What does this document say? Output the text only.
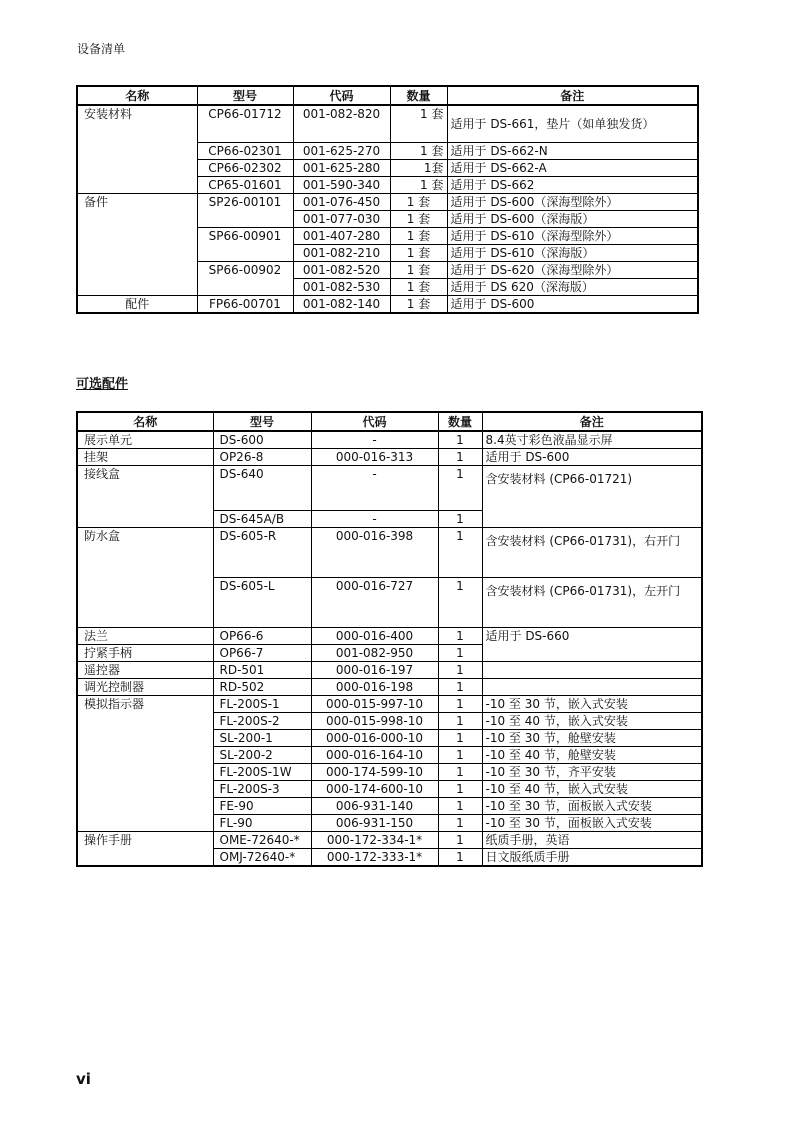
设备清单
名称	型号	代码	数量	备注
安装材料	CP66-01712	001-082-820	1 套	适用于 DS-661，垫片（如单独发货）
	CP66-02301	001-625-270	1 套	适用于 DS-662-N
	CP66-02302	001-625-280	1套	适用于 DS-662-A
	CP65-01601	001-590-340	1 套	适用于 DS-662
备件	SP26-00101	001-076-450	1 套	适用于 DS-600（深海型除外）
		001-077-030	1 套	适用于 DS-600（深海版）
	SP66-00901	001-407-280	1 套	适用于 DS-610（深海型除外）
		001-082-210	1 套	适用于 DS-610（深海版）
	SP66-00902	001-082-520	1 套	适用于 DS-620（深海型除外）
		001-082-530	1 套	适用于 DS 620（深海版）
配件	FP66-00701	001-082-140	1 套	适用于 DS-600
可选配件
名称	型号	代码	数量	备注
展示单元	DS-600	-	1	8.4英寸彩色液晶显示屏
挂架	OP26-8	000-016-313	1	适用于 DS-600
接线盒	DS-640	-	1	含安装材料 (CP66-01721)
	DS-645A/B	-	1	
防水盒	DS-605-R	000-016-398	1	含安装材料 (CP66-01731)，右开门
	DS-605-L	000-016-727	1	含安装材料 (CP66-01731)，左开门
法兰	OP66-6	000-016-400	1	适用于 DS-660
拧紧手柄	OP66-7	001-082-950	1	
遥控器	RD-501	000-016-197	1	
调光控制器	RD-502	000-016-198	1	
模拟指示器	FL-200S-1	000-015-997-10	1	-10 至 30 节，嵌入式安装
	FL-200S-2	000-015-998-10	1	-10 至 40 节，嵌入式安装
	SL-200-1	000-016-000-10	1	-10 至 30 节，舱壁安装
	SL-200-2	000-016-164-10	1	-10 至 40 节，舱壁安装
	FL-200S-1W	000-174-599-10	1	-10 至 30 节，齐平安装
	FL-200S-3	000-174-600-10	1	-10 至 40 节，嵌入式安装
	FE-90	006-931-140	1	-10 至 30 节，面板嵌入式安装
	FL-90	006-931-150	1	-10 至 30 节，面板嵌入式安装
操作手册	OME-72640-*	000-172-334-1*	1	纸质手册，英语
	OMJ-72640-*	000-172-333-1*	1	日文版纸质手册
vi
